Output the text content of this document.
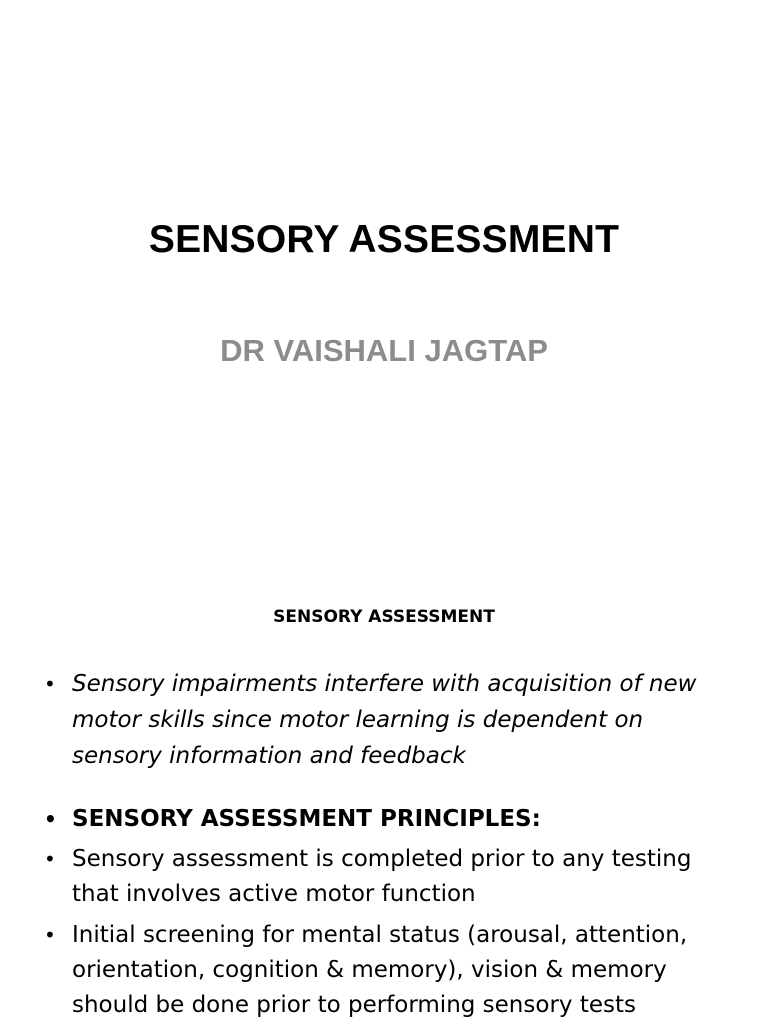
SENSORY ASSESSMENT
DR VAISHALI JAGTAP
SENSORY ASSESSMENT
• Sensory impairments interfere with acquisition of new motor skills since motor learning is dependent on sensory information and feedback
• SENSORY ASSESSMENT PRINCIPLES:
• Sensory assessment is completed prior to any testing that involves active motor function
• Initial screening for mental status (arousal, attention, orientation, cognition & memory), vision & memory should be done prior to performing sensory tests
